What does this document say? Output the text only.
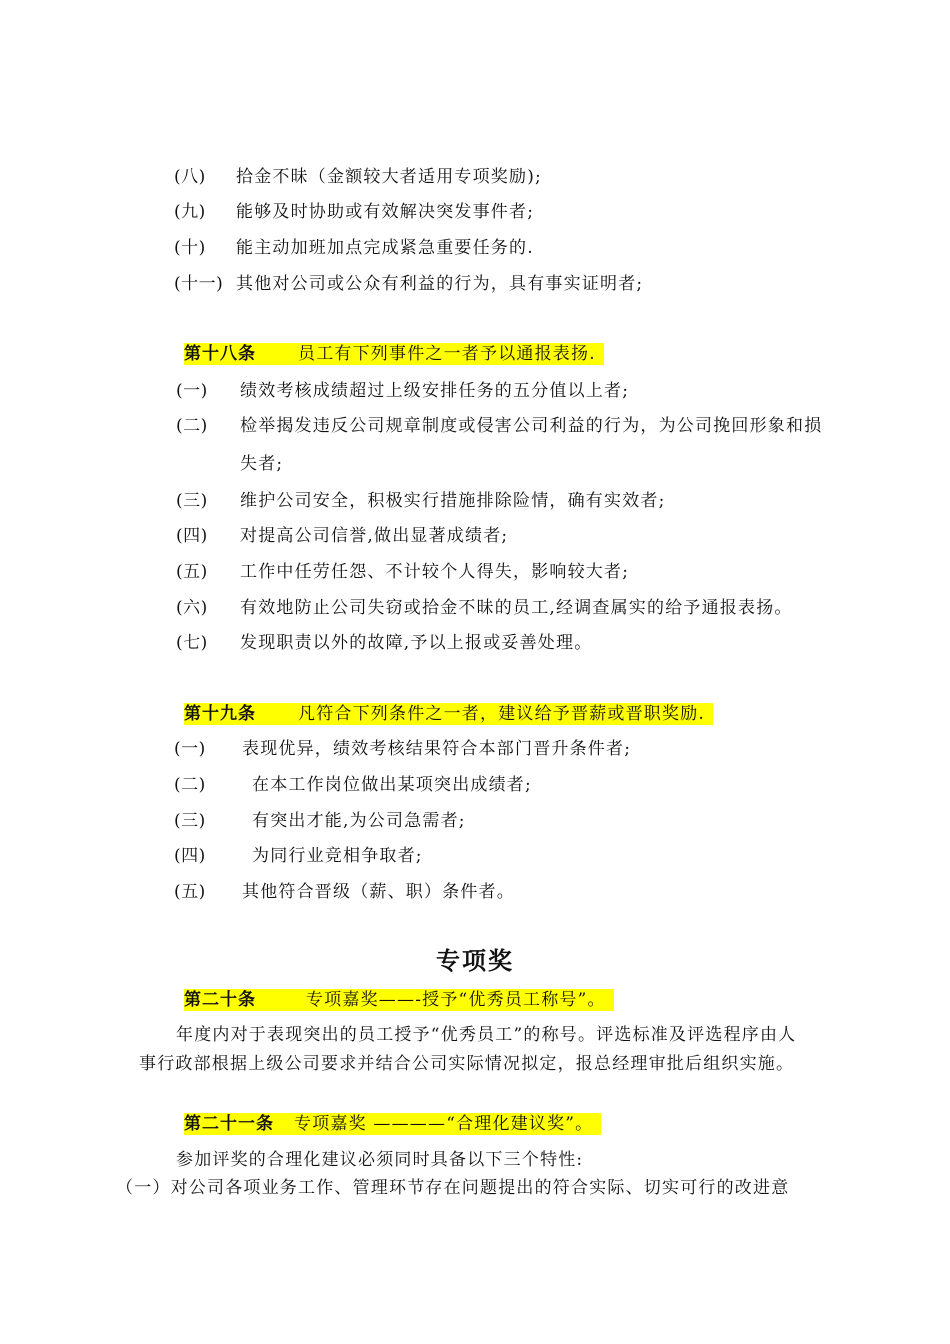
(八) 拾金不昧（金额较大者适用专项奖励);
(九) 能够及时协助或有效解决突发事件者;
(十) 能主动加班加点完成紧急重要任务的.
(十一) 其他对公司或公众有利益的行为，具有事实证明者;
第十八条 员工有下列事件之一者予以通报表扬.
(一) 绩效考核成绩超过上级安排任务的五分值以上者;
(二) 检举揭发违反公司规章制度或侵害公司利益的行为，为公司挽回形象和损
失者;
(三) 维护公司安全，积极实行措施排除险情，确有实效者;
(四) 对提高公司信誉,做出显著成绩者;
(五) 工作中任劳任怨、不计较个人得失，影响较大者;
(六) 有效地防止公司失窃或拾金不昧的员工,经调查属实的给予通报表扬。
(七) 发现职责以外的故障,予以上报或妥善处理。
第十九条 凡符合下列条件之一者，建议给予晋薪或晋职奖励.
(一) 表现优异，绩效考核结果符合本部门晋升条件者;
(二)	在本工作岗位做出某项突出成绩者;
(三)	有突出才能,为公司急需者;
(四)	为同行业竞相争取者;
(五) 其他符合晋级（薪、职）条件者。
专项奖
第二十条	专项嘉奖——-授予“优秀员工称号”。
年度内对于表现突出的员工授予“优秀员工”的称号。评选标准及评选程序由人
事行政部根据上级公司要求并结合公司实际情况拟定，报总经理审批后组织实施。
第二十一条 专项嘉奖 ————“合理化建议奖”。
参加评奖的合理化建议必须同时具备以下三个特性:
（一）对公司各项业务工作、管理环节存在问题提出的符合实际、切实可行的改进意
